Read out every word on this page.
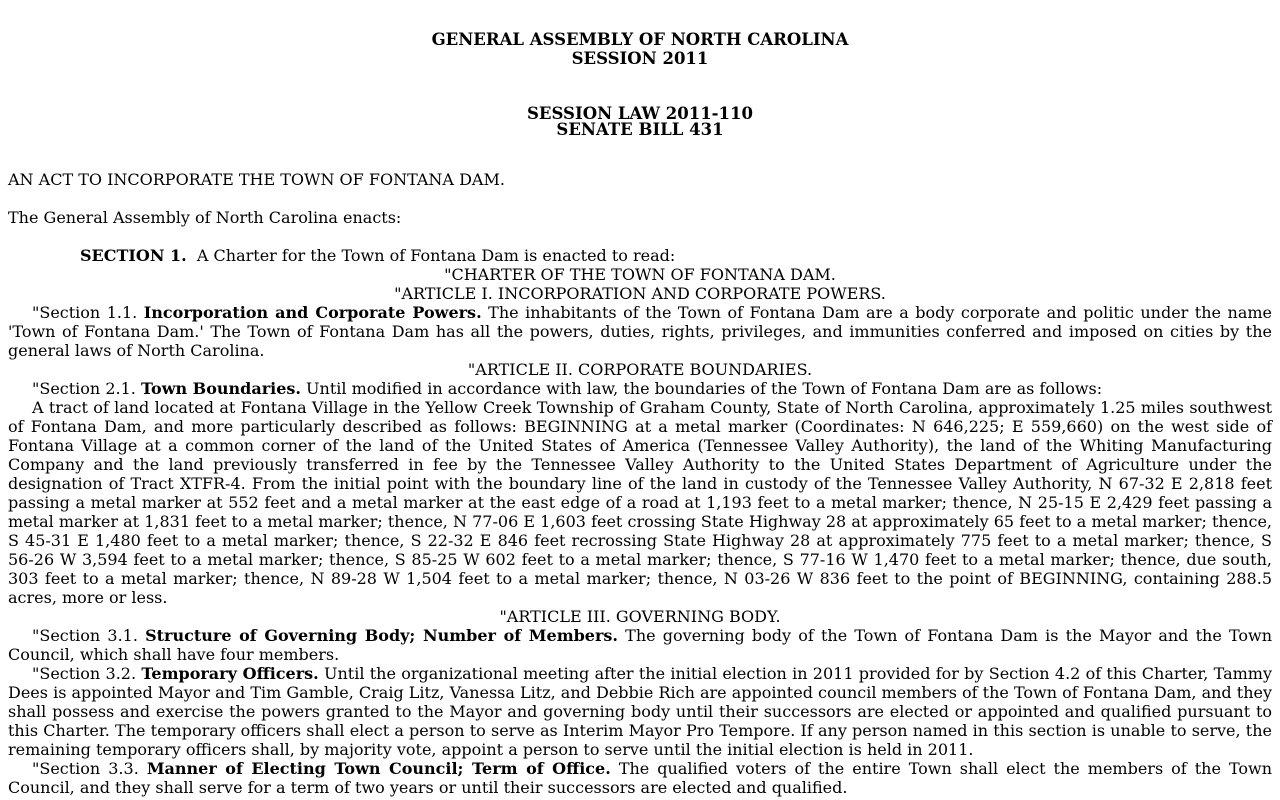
GENERAL ASSEMBLY OF NORTH CAROLINA
SESSION 2011
SESSION LAW 2011-110
SENATE BILL 431

AN ACT TO INCORPORATE THE TOWN OF FONTANA DAM.

The General Assembly of North Carolina enacts:

SECTION 1. A Charter for the Town of Fontana Dam is enacted to read:

"CHARTER OF THE TOWN OF FONTANA DAM.
"ARTICLE I. INCORPORATION AND CORPORATE POWERS.

"Section 1.1. Incorporation and Corporate Powers. The inhabitants of the Town of Fontana Dam are a body corporate and politic under the name 'Town of Fontana Dam.' The Town of Fontana Dam has all the powers, duties, rights, privileges, and immunities conferred and imposed on cities by the general laws of North Carolina.

"ARTICLE II. CORPORATE BOUNDARIES.

"Section 2.1. Town Boundaries. Until modified in accordance with law, the boundaries of the Town of Fontana Dam are as follows:

A tract of land located at Fontana Village in the Yellow Creek Township of Graham County, State of North Carolina, approximately 1.25 miles southwest of Fontana Dam, and more particularly described as follows: BEGINNING at a metal marker (Coordinates: N 646,225; E 559,660) on the west side of Fontana Village at a common corner of the land of the United States of America (Tennessee Valley Authority), the land of the Whiting Manufacturing Company and the land previously transferred in fee by the Tennessee Valley Authority to the United States Department of Agriculture under the designation of Tract XTFR-4. From the initial point with the boundary line of the land in custody of the Tennessee Valley Authority, N 67-32 E 2,818 feet passing a metal marker at 552 feet and a metal marker at the east edge of a road at 1,193 feet to a metal marker; thence, N 25-15 E 2,429 feet passing a metal marker at 1,831 feet to a metal marker; thence, N 77-06 E 1,603 feet crossing State Highway 28 at approximately 65 feet to a metal marker; thence, S 45-31 E 1,480 feet to a metal marker; thence, S 22-32 E 846 feet recrossing State Highway 28 at approximately 775 feet to a metal marker; thence, S 56-26 W 3,594 feet to a metal marker; thence, S 85-25 W 602 feet to a metal marker; thence, S 77-16 W 1,470 feet to a metal marker; thence, due south, 303 feet to a metal marker; thence, N 89-28 W 1,504 feet to a metal marker; thence, N 03-26 W 836 feet to the point of BEGINNING, containing 288.5 acres, more or less.

"ARTICLE III. GOVERNING BODY.

"Section 3.1. Structure of Governing Body; Number of Members. The governing body of the Town of Fontana Dam is the Mayor and the Town Council, which shall have four members.

"Section 3.2. Temporary Officers. Until the organizational meeting after the initial election in 2011 provided for by Section 4.2 of this Charter, Tammy Dees is appointed Mayor and Tim Gamble, Craig Litz, Vanessa Litz, and Debbie Rich are appointed council members of the Town of Fontana Dam, and they shall possess and exercise the powers granted to the Mayor and governing body until their successors are elected or appointed and qualified pursuant to this Charter. The temporary officers shall elect a person to serve as Interim Mayor Pro Tempore. If any person named in this section is unable to serve, the remaining temporary officers shall, by majority vote, appoint a person to serve until the initial election is held in 2011.

"Section 3.3. Manner of Electing Town Council; Term of Office. The qualified voters of the entire Town shall elect the members of the Town Council, and they shall serve for a term of two years or until their successors are elected and qualified.
